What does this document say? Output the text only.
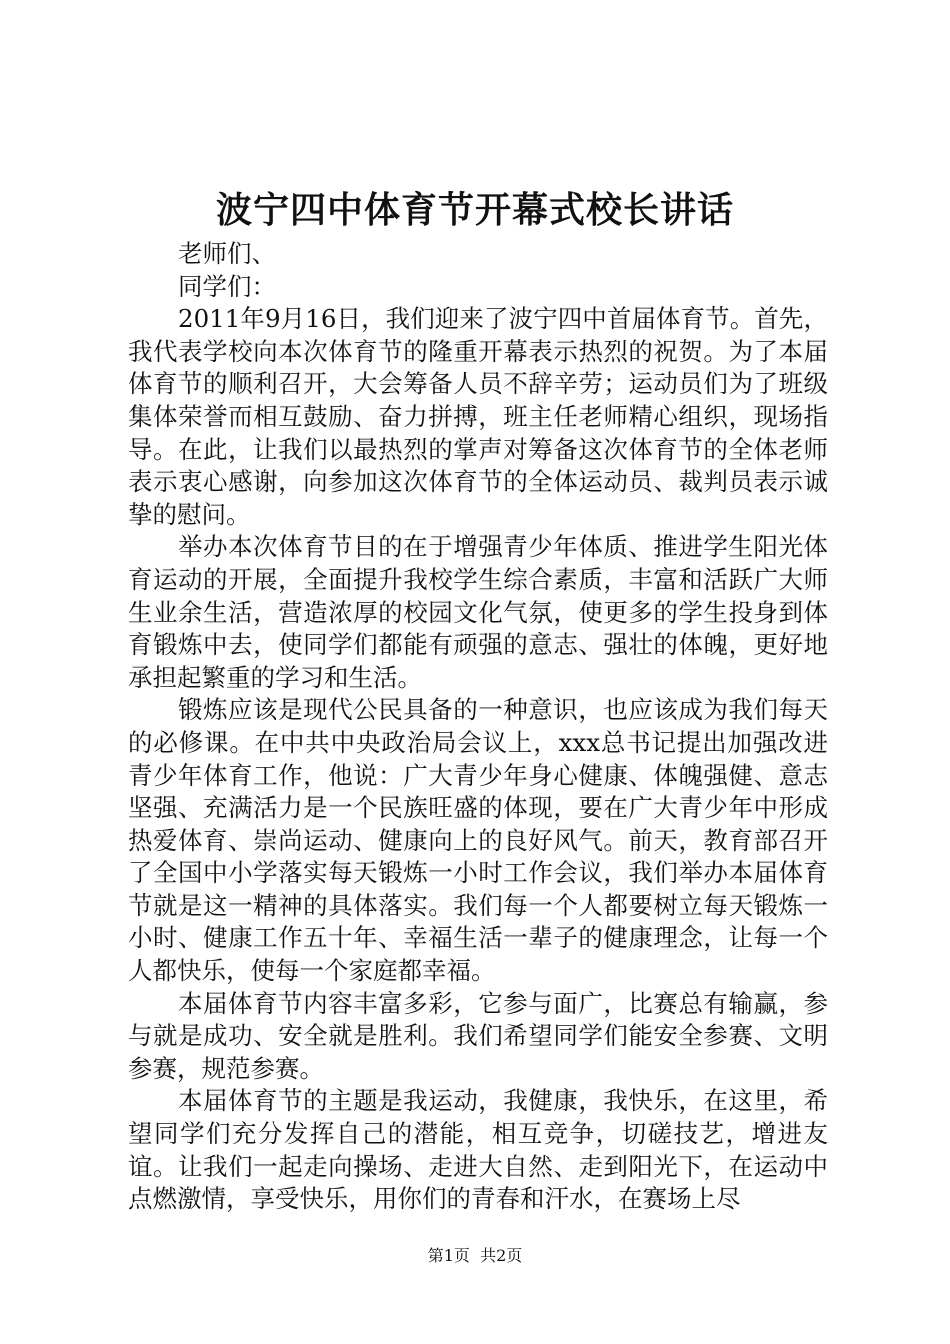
波宁四中体育节开幕式校长讲话

老师们、

同学们：

2011年9月16日，我们迎来了波宁四中首届体育节。首先，我代表学校向本次体育节的隆重开幕表示热烈的祝贺。为了本届体育节的顺利召开，大会筹备人员不辞辛劳；运动员们为了班级集体荣誉而相互鼓励、奋力拼搏，班主任老师精心组织，现场指导。在此，让我们以最热烈的掌声对筹备这次体育节的全体老师表示衷心感谢，向参加这次体育节的全体运动员、裁判员表示诚挚的慰问。

举办本次体育节目的在于增强青少年体质、推进学生阳光体育运动的开展，全面提升我校学生综合素质，丰富和活跃广大师生业余生活，营造浓厚的校园文化气氛，使更多的学生投身到体育锻炼中去，使同学们都能有顽强的意志、强壮的体魄，更好地承担起繁重的学习和生活。

锻炼应该是现代公民具备的一种意识，也应该成为我们每天的必修课。在中共中央政治局会议上，xxx总书记提出加强改进青少年体育工作，他说：广大青少年身心健康、体魄强健、意志坚强、充满活力是一个民族旺盛的体现，要在广大青少年中形成热爱体育、崇尚运动、健康向上的良好风气。前天，教育部召开了全国中小学落实每天锻炼一小时工作会议，我们举办本届体育节就是这一精神的具体落实。我们每一个人都要树立每天锻炼一小时、健康工作五十年、幸福生活一辈子的健康理念，让每一个人都快乐，使每一个家庭都幸福。

本届体育节内容丰富多彩，它参与面广，比赛总有输赢，参与就是成功、安全就是胜利。我们希望同学们能安全参赛、文明参赛，规范参赛。

本届体育节的主题是我运动，我健康，我快乐，在这里，希望同学们充分发挥自己的潜能，相互竞争，切磋技艺，增进友谊。让我们一起走向操场、走进大自然、走到阳光下，在运动中点燃激情，享受快乐，用你们的青春和汗水，在赛场上尽

第1页 共2页
